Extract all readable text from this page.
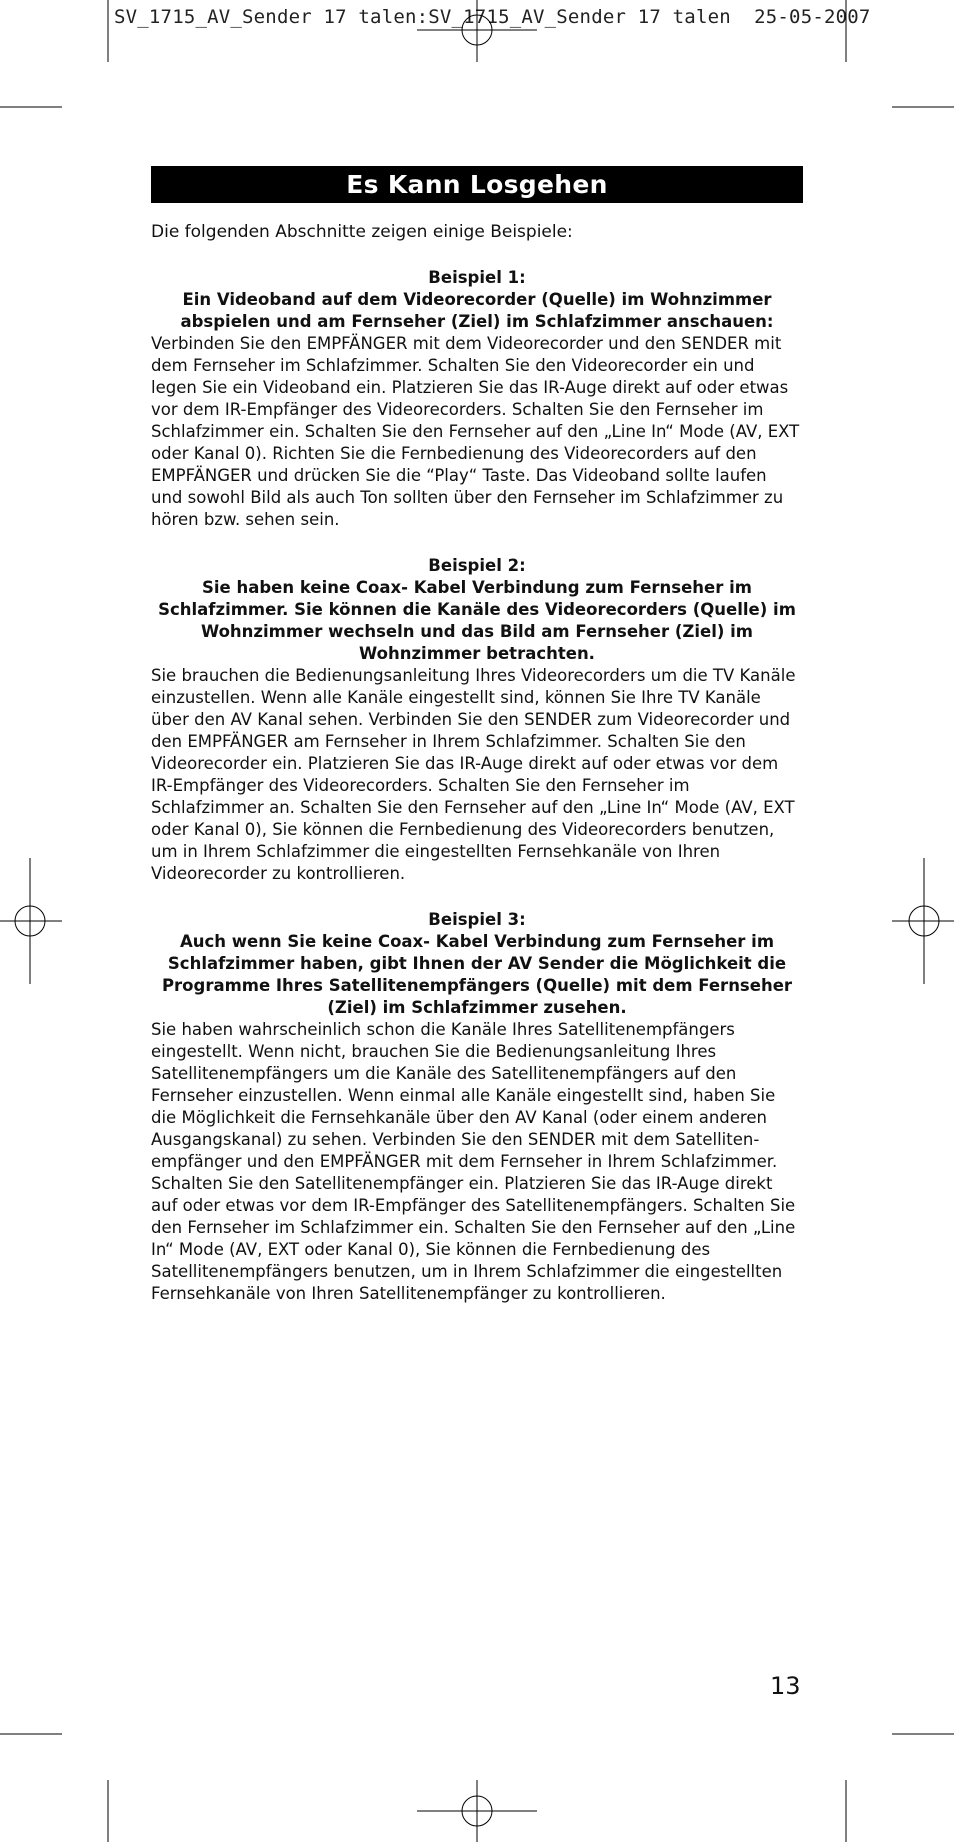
SV_1715_AV_Sender 17 talen:SV_1715_AV_Sender 17 talen  25-05-2007
Es Kann Losgehen
Die folgenden Abschnitte zeigen einige Beispiele:
Beispiel 1:
Ein Videoband auf dem Videorecorder (Quelle) im Wohnzimmer abspielen und am Fernseher (Ziel) im Schlafzimmer anschauen:
Verbinden Sie den EMPFÄNGER mit dem Videorecorder und den SENDER mit dem Fernseher im Schlafzimmer. Schalten Sie den Videorecorder ein und legen Sie ein Videoband ein. Platzieren Sie das IR-Auge direkt auf oder etwas vor dem IR-Empfänger des Videorecorders. Schalten Sie den Fernseher im Schlafzimmer ein. Schalten Sie den Fernseher auf den „Line In“ Mode (AV, EXT oder Kanal 0). Richten Sie die Fernbedienung des Videorecorders auf den EMPFÄNGER und drücken Sie die “Play“ Taste. Das Videoband sollte laufen und sowohl Bild als auch Ton sollten über den Fernseher im Schlafzimmer zu hören bzw. sehen sein.
Beispiel 2:
Sie haben keine Coax- Kabel Verbindung zum Fernseher im Schlafzimmer. Sie können die Kanäle des Videorecorders (Quelle) im Wohnzimmer wechseln und das Bild am Fernseher (Ziel) im Wohnzimmer betrachten.
Sie brauchen die Bedienungsanleitung Ihres Videorecorders um die TV Kanäle einzustellen. Wenn alle Kanäle eingestellt sind, können Sie Ihre TV Kanäle über den AV Kanal sehen. Verbinden Sie den SENDER zum Videorecorder und den EMPFÄNGER am Fernseher in Ihrem Schlafzimmer. Schalten Sie den Videorecorder ein. Platzieren Sie das IR-Auge direkt auf oder etwas vor dem IR-Empfänger des Videorecorders. Schalten Sie den Fernseher im Schlafzimmer an. Schalten Sie den Fernseher auf den „Line In“ Mode (AV, EXT oder Kanal 0), Sie können die Fernbedienung des Videorecorders benutzen, um in Ihrem Schlafzimmer die eingestellten Fernsehkanäle von Ihren Videorecorder zu kontrollieren.
Beispiel 3:
Auch wenn Sie keine Coax- Kabel Verbindung zum Fernseher im Schlafzimmer haben, gibt Ihnen der AV Sender die Möglichkeit die Programme Ihres Satellitenempfängers (Quelle) mit dem Fernseher (Ziel) im Schlafzimmer zusehen.
Sie haben wahrscheinlich schon die Kanäle Ihres Satellitenempfängers eingestellt. Wenn nicht, brauchen Sie die Bedienungsanleitung Ihres Satellitenempfängers um die Kanäle des Satellitenempfängers auf den Fernseher einzustellen. Wenn einmal alle Kanäle eingestellt sind, haben Sie die Möglichkeit die Fernsehkanäle über den AV Kanal (oder einem anderen Ausgangskanal) zu sehen. Verbinden Sie den SENDER mit dem Satelliten-empfänger und den EMPFÄNGER mit dem Fernseher in Ihrem Schlafzimmer. Schalten Sie den Satellitenempfänger ein. Platzieren Sie das IR-Auge direkt auf oder etwas vor dem IR-Empfänger des Satellitenempfängers. Schalten Sie den Fernseher im Schlafzimmer ein. Schalten Sie den Fernseher auf den „Line In“ Mode (AV, EXT oder Kanal 0), Sie können die Fernbedienung des Satellitenempfängers benutzen, um in Ihrem Schlafzimmer die eingestellten Fernsehkanäle von Ihren Satellitenempfänger zu kontrollieren.
13
